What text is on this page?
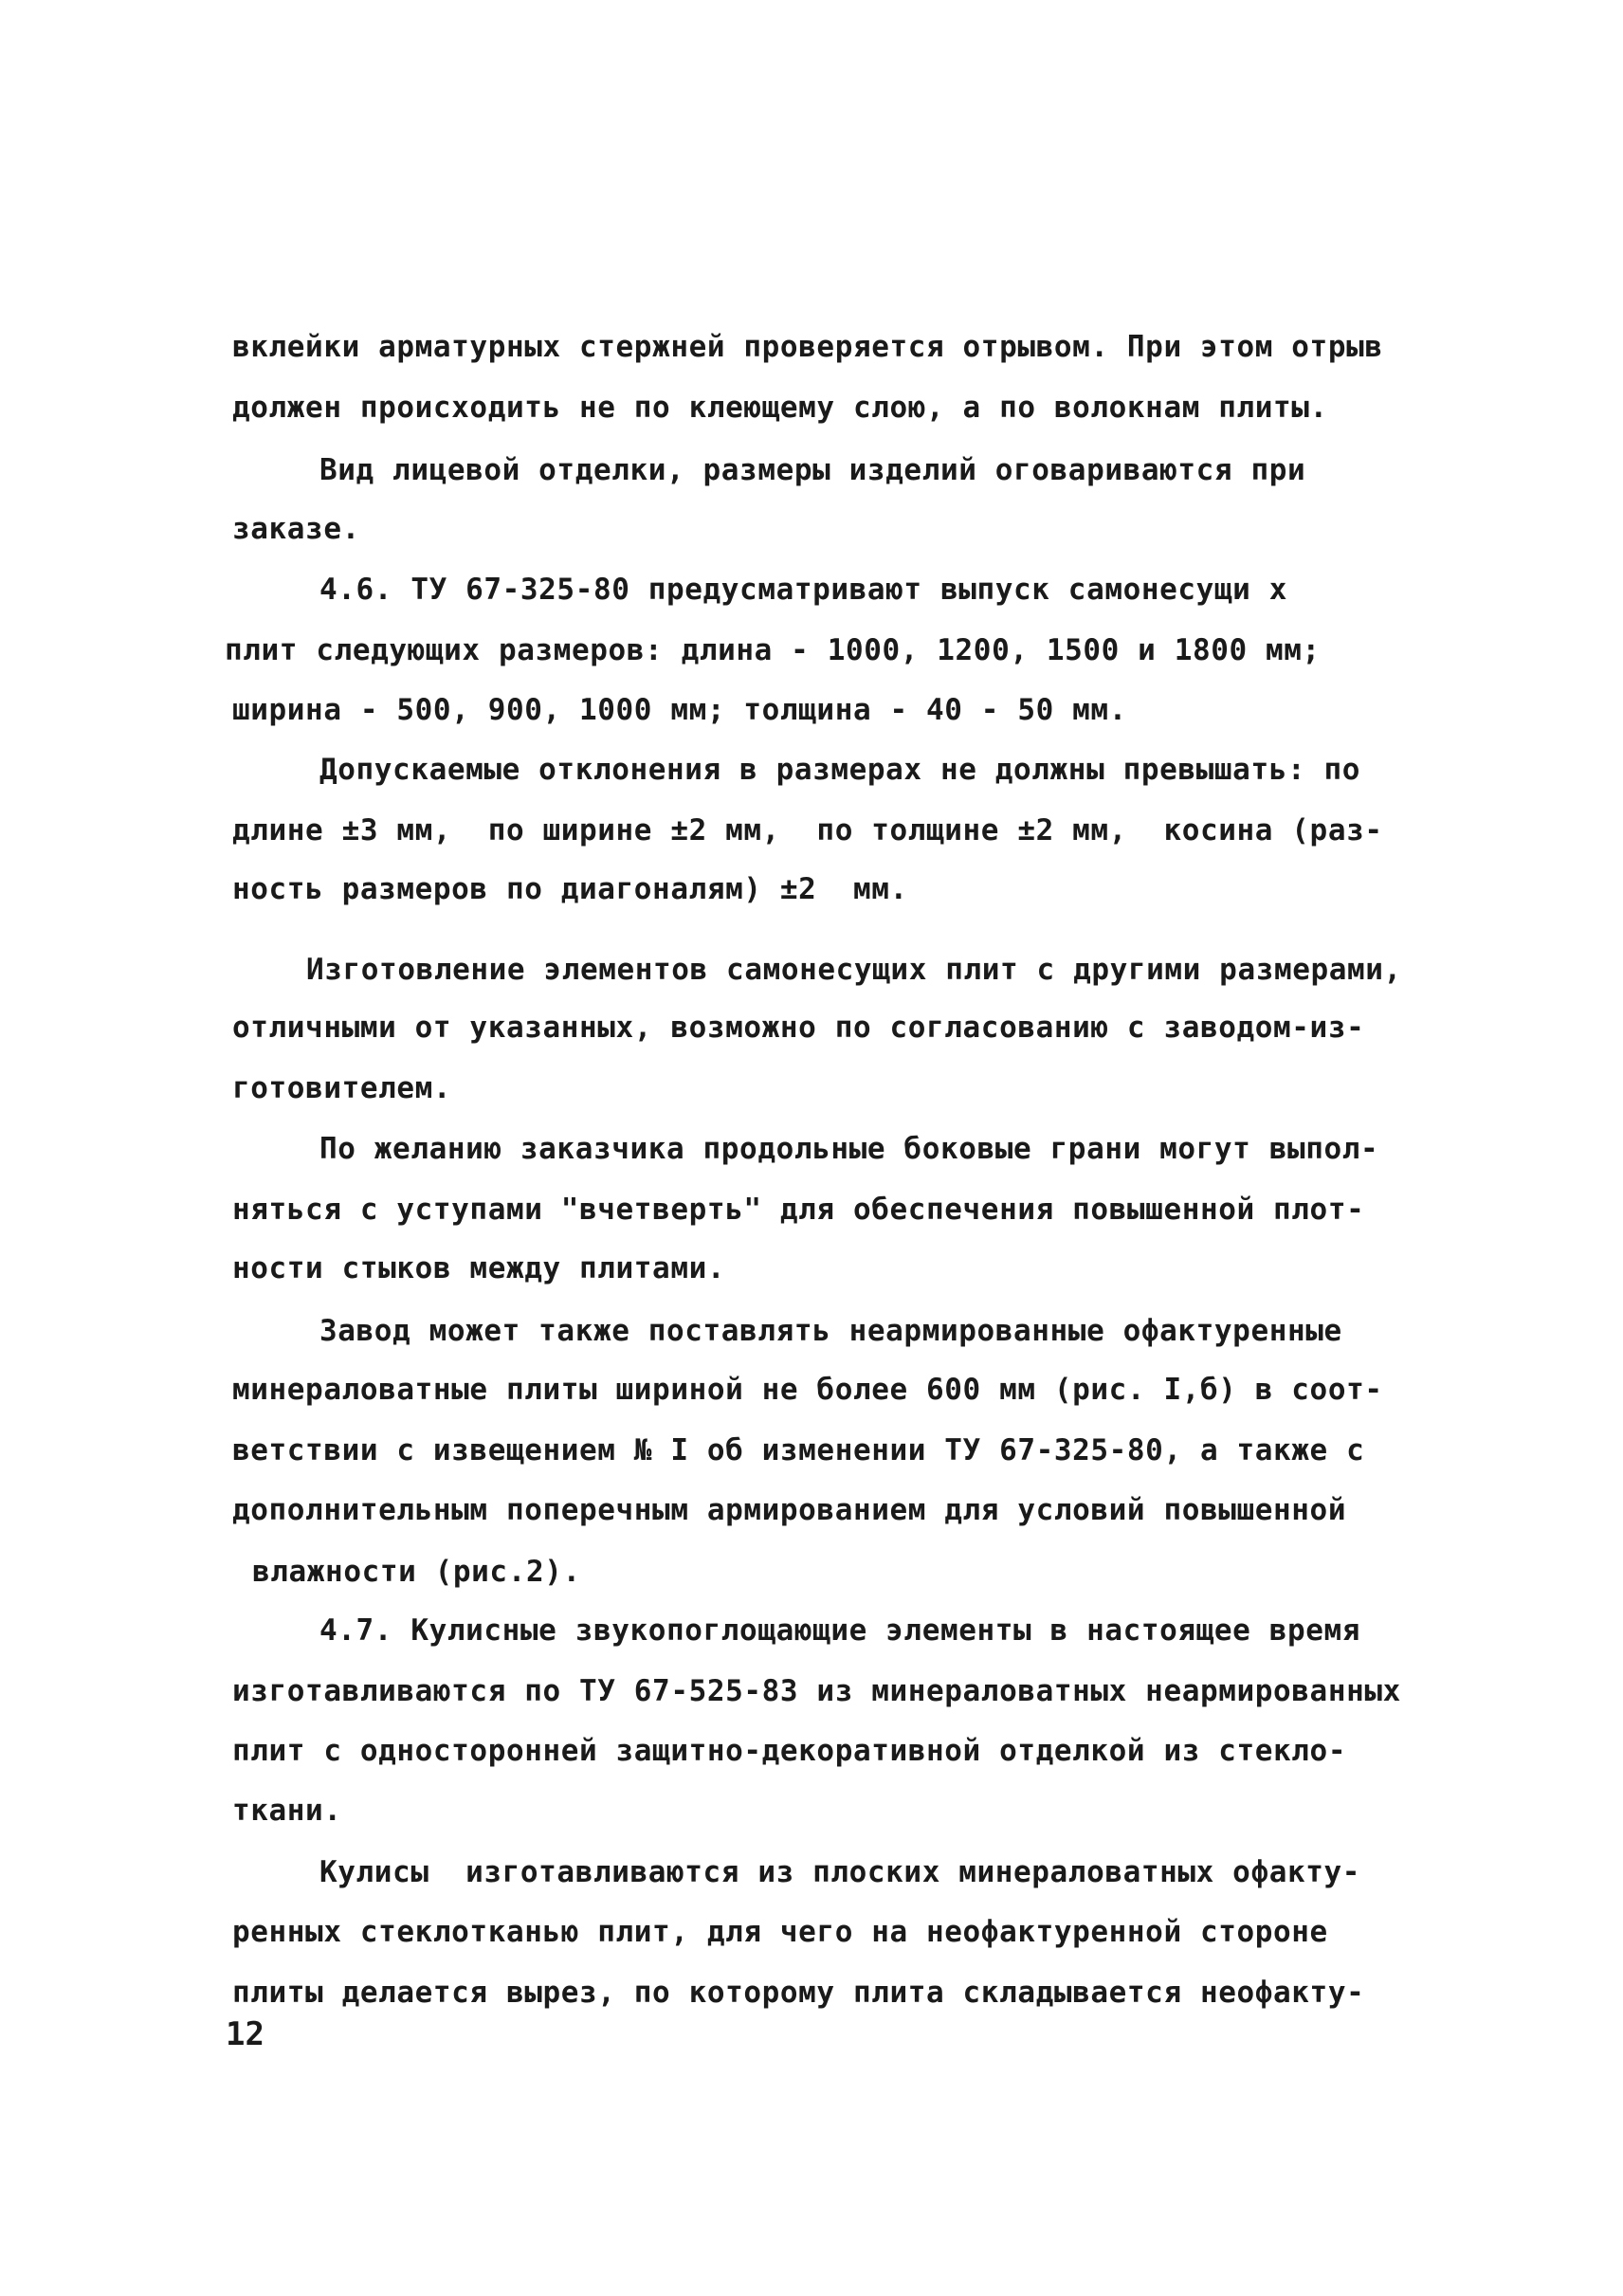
вклейки арматурных стержней проверяется отрывом. При этом отрыв
должен происходить не по клеющему слою, а по волокнам плиты.
Вид лицевой отделки, размеры изделий оговариваются при
заказе.
4.6. ТУ 67-325-80 предусматривают выпуск самонесущи х
плит следующих размеров: длина - 1000, 1200, 1500 и 1800 мм;
ширина - 500, 900, 1000 мм; толщина - 40 - 50 мм.
Допускаемые отклонения в размерах не должны превышать: по
длине ±3 мм,  по ширине ±2 мм,  по толщине ±2 мм,  косина (раз-
ность размеров по диагоналям) ±2  мм.
Изготовление элементов самонесущих плит с другими размерами,
отличными от указанных, возможно по согласованию с заводом-из-
готовителем.
По желанию заказчика продольные боковые грани могут выпол-
няться с уступами "вчетверть" для обеспечения повышенной плот-
ности стыков между плитами.
Завод может также поставлять неармированные офактуренные
минераловатные плиты шириной не более 600 мм (рис. I,б) в соот-
ветствии с извещением № I об изменении ТУ 67-325-80, а также с
дополнительным поперечным армированием для условий повышенной
влажности (рис.2).
4.7. Кулисные звукопоглощающие элементы в настоящее время
изготавливаются по ТУ 67-525-83 из минераловатных неармированных
плит с односторонней защитно-декоративной отделкой из стекло-
ткани.
Кулисы  изготавливаются из плоских минераловатных офакту-
ренных стеклотканью плит, для чего на неофактуренной стороне
плиты делается вырез, по которому плита складывается неофакту-
12
